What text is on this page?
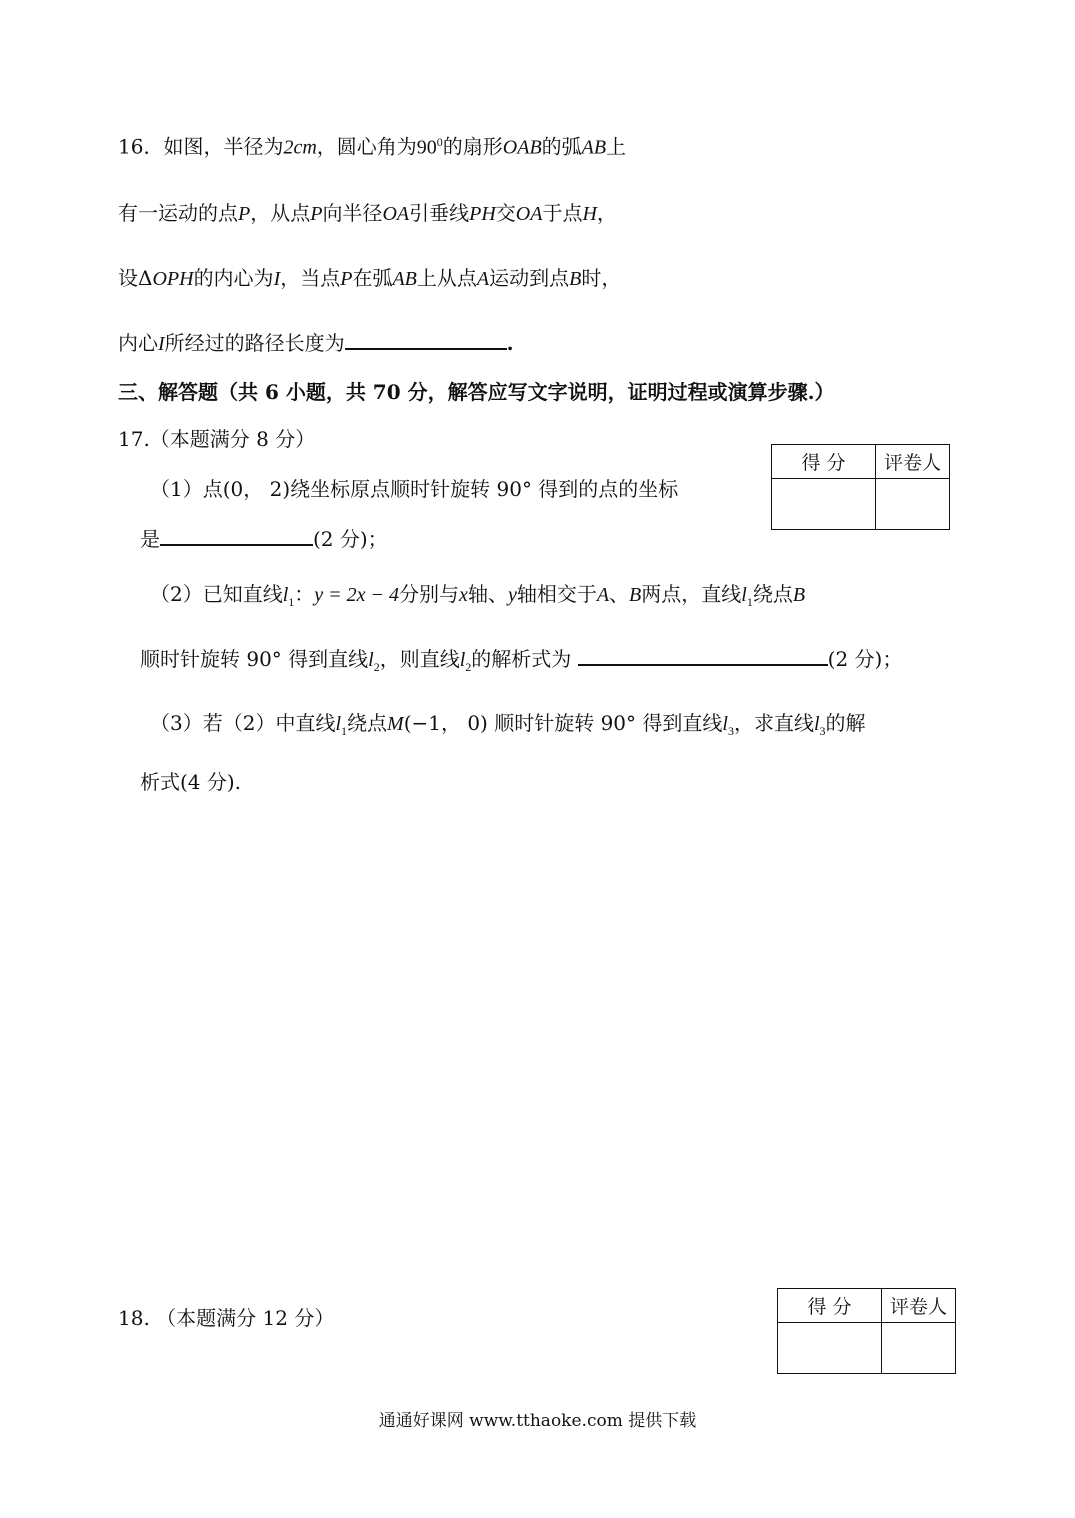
16．如图，半径为2cm，圆心角为$90^0$的扇形OAB的弧AB上
有一运动的点P，从点P向半径OA引垂线PH交OA于点H，
设ΔOPH的内心为I，当点P在弧AB上从点A运动到点B时，
内心I所经过的路径长度为	.
三、解答题（共 6 小题，共 70 分，解答应写文字说明，证明过程或演算步骤.）
17.（本题满分 8 分）
得 分	评卷人

（1）点(0， 2)绕坐标原点顺时针旋转 90° 得到的点的坐标
是	(2 分)；
（2）已知直线$l_1$：y = 2x − 4分别与x轴、y轴相交于A、B两点，直线$l_1$绕点B
顺时针旋转 90° 得到直线$l_2$，则直线$l_2$的解析式为	(2 分)；
（3）若（2）中直线$l_1$绕点M(−1， 0) 顺时针旋转 90° 得到直线$l_3$，求直线$l_3$的解
析式(4 分).
18. （本题满分 12 分）	得 分	评卷人

通通好课网 www.tthaoke.com 提供下载
